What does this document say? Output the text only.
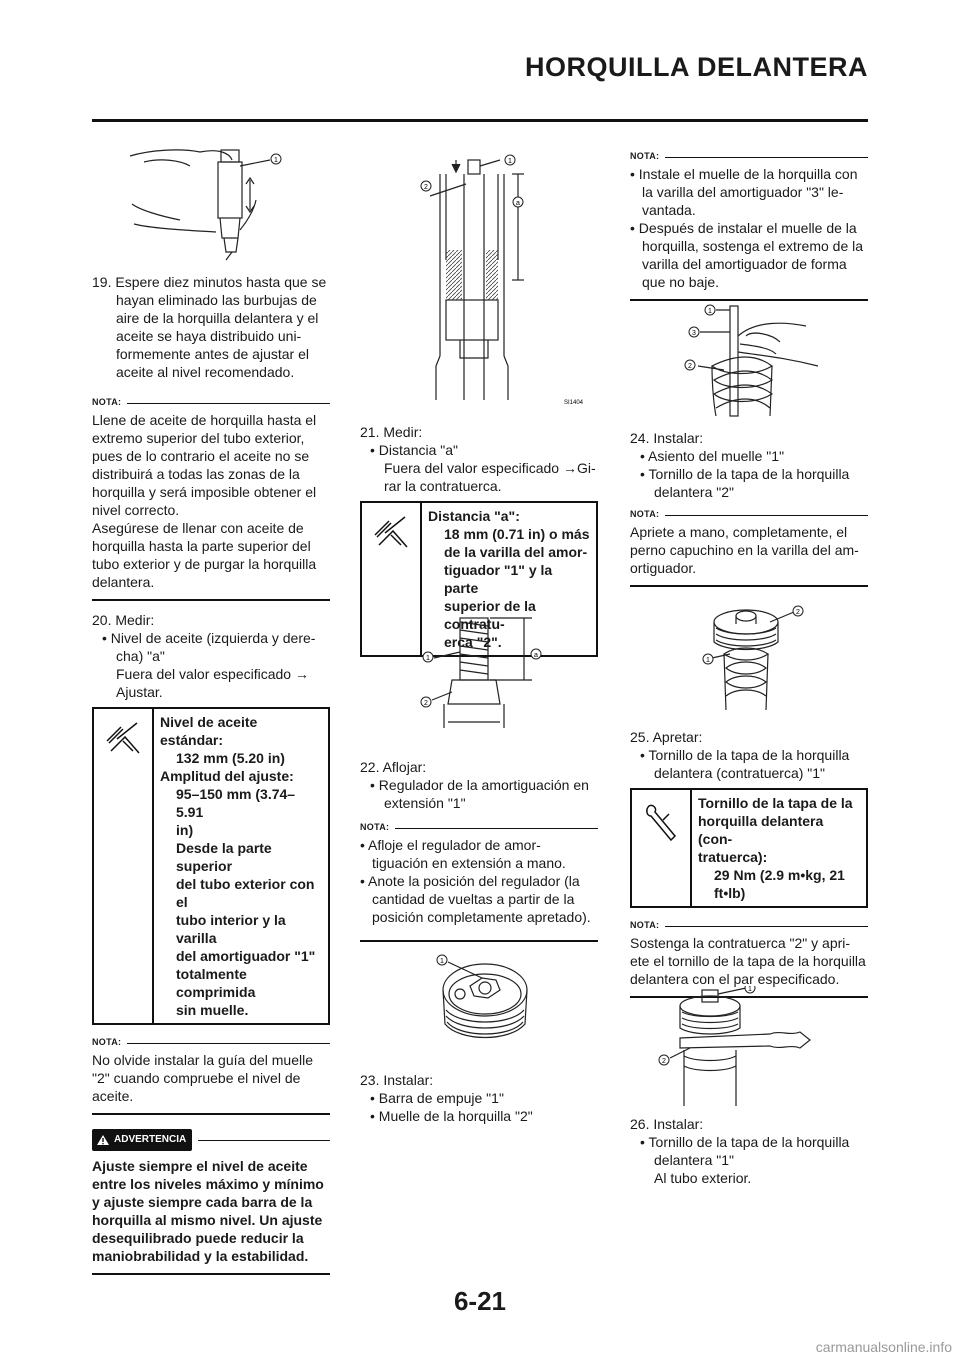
HORQUILLA DELANTERA
1
19. Espere diez minutos hasta que se
hayan eliminado las burbujas de
aire de la horquilla delantera y el
aceite se haya distribuido uni-
formemente antes de ajustar el
aceite al nivel recomendado.
NOTA:
Llene de aceite de horquilla hasta el
extremo superior del tubo exterior,
pues de lo contrario el aceite no se
distribuirá a todas las zonas de la
horquilla y será imposible obtener el
nivel correcto.
Asegúrese de llenar con aceite de
horquilla hasta la parte superior del
tubo exterior y de purgar la horquilla
delantera.
20. Medir:
• Nivel de aceite (izquierda y dere-
cha) "a"
Fuera del valor especificado →
Ajustar.
Nivel de aceite estándar:
132 mm (5.20 in)
Amplitud del ajuste:
95–150 mm (3.74–5.91
in)
Desde la parte superior
del tubo exterior con el
tubo interior y la varilla
del amortiguador "1"
totalmente comprimida
sin muelle.
NOTA:
No olvide instalar la guía del muelle
"2" cuando compruebe el nivel de
aceite.
ADVERTENCIA
Ajuste siempre el nivel de aceite
entre los niveles máximo y mínimo
y ajuste siempre cada barra de la
horquilla al mismo nivel. Un ajuste
desequilibrado puede reducir la
maniobrabilidad y la estabilidad.
1
2
a
SI1404
21. Medir:
• Distancia "a"
Fuera del valor especificado →Gi-
rar la contratuerca.
Distancia "a":
18 mm (0.71 in) o más
de la varilla del amor-
tiguador "1" y la parte
superior de la contratu-
erca "2".
1
2
a
22. Aflojar:
• Regulador de la amortiguación en
extensión "1"
NOTA:
• Afloje el regulador de amor-
tiguación en extensión a mano.
• Anote la posición del regulador (la
cantidad de vueltas a partir de la
posición completamente apretado).
1
23. Instalar:
• Barra de empuje "1"
• Muelle de la horquilla "2"
NOTA:
• Instale el muelle de la horquilla con
la varilla del amortiguador "3" le-
vantada.
• Después de instalar el muelle de la
horquilla, sostenga el extremo de la
varilla del amortiguador de forma
que no baje.
1
3
2
24. Instalar:
• Asiento del muelle "1"
• Tornillo de la tapa de la horquilla
delantera "2"
NOTA:
Apriete a mano, completamente, el
perno capuchino en la varilla del am-
ortiguador.
2
1
25. Apretar:
• Tornillo de la tapa de la horquilla
delantera (contratuerca) "1"
Tornillo de la tapa de la
horquilla delantera (con-
tratuerca):
29 Nm (2.9 m•kg, 21
ft•lb)
NOTA:
Sostenga la contratuerca "2" y apri-
ete el tornillo de la tapa de la horquilla
delantera con el par especificado.
1
2
26. Instalar:
• Tornillo de la tapa de la horquilla
delantera "1"
Al tubo exterior.
6-21
carmanualsonline.info
